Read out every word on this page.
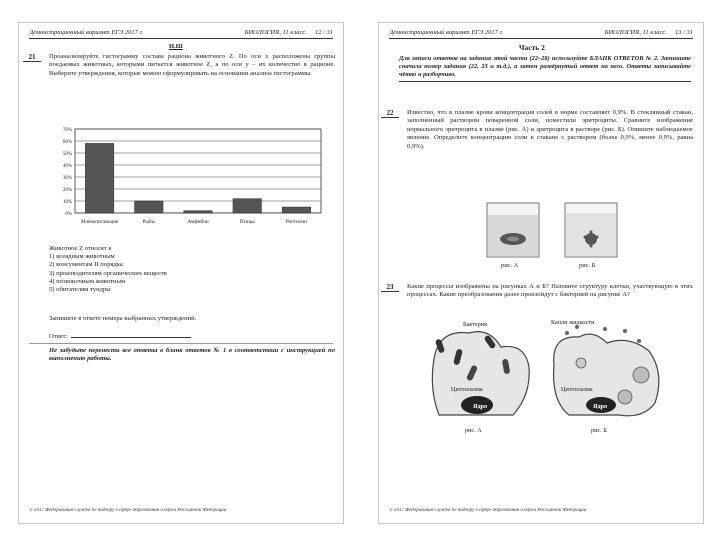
Демонстрационный вариант ЕГЭ 2017 г.	БИОЛОГИЯ, 11 класс. 12 / 31
И.Ш
21	Проанализируйте гистограмму состава рациона животного Z. По оси x расположены группы поедаемых животных, которыми питается животное Z, а по оси y – их количество в рационе. Выберите утверждения, которые можно сформулировать на основании анализа гистограммы.
0%
10%
20%
30%
40%
50%
60%
70%
Млекопитающие	Рыбы	Амфибии	Птицы	Рептилии
Животное Z относят к
1) всеядным животным
2) консументам II порядка
3) производителям органических веществ
4) позвоночным животным
5) обитателям тундры
Запишите в ответе номера выбранных утверждений.
Ответ:
Не забудьте перенести все ответы в бланк ответов № 1 в соответствии с инструкцией по выполнению работы.
© 2017 Федеральная служба по надзору в сфере образования и науки Российской Федерации
Демонстрационный вариант ЕГЭ 2017 г.	БИОЛОГИЯ, 11 класс. 13 / 31
Часть 2
Для записи ответов на задания этой части (22–28) используйте БЛАНК ОТВЕТОВ № 2. Запишите сначала номер задания (22, 23 и т.д.), а затем развёрнутый ответ на него. Ответы записывайте чётко и разборчиво.
22	Известно, что в плазме крови концентрация солей в норме составляет 0,9%. В стеклянный стакан, заполненный раствором поваренной соли, поместили эритроциты. Сравните изображение нормального эритроцита в плазме (рис. А) и эритроцита в растворе (рис. Б). Опишите наблюдаемое явление. Определите концентрацию соли в стакане с раствором (более 0,9%, менее 0,9%, равна 0,9%).
рис. А	рис. Б
23	Какие процессы изображены на рисунках А и Б? Назовите структуру клетки, участвующую в этих процессах. Какие преобразования далее произойдут с бактерией на рисунке А?
Бактерия
Цитоплазма
Ядро
рис. А
Капли жидкости
Цитоплазма
Ядро
рис. Б
© 2017 Федеральная служба по надзору в сфере образования и науки Российской Федерации
